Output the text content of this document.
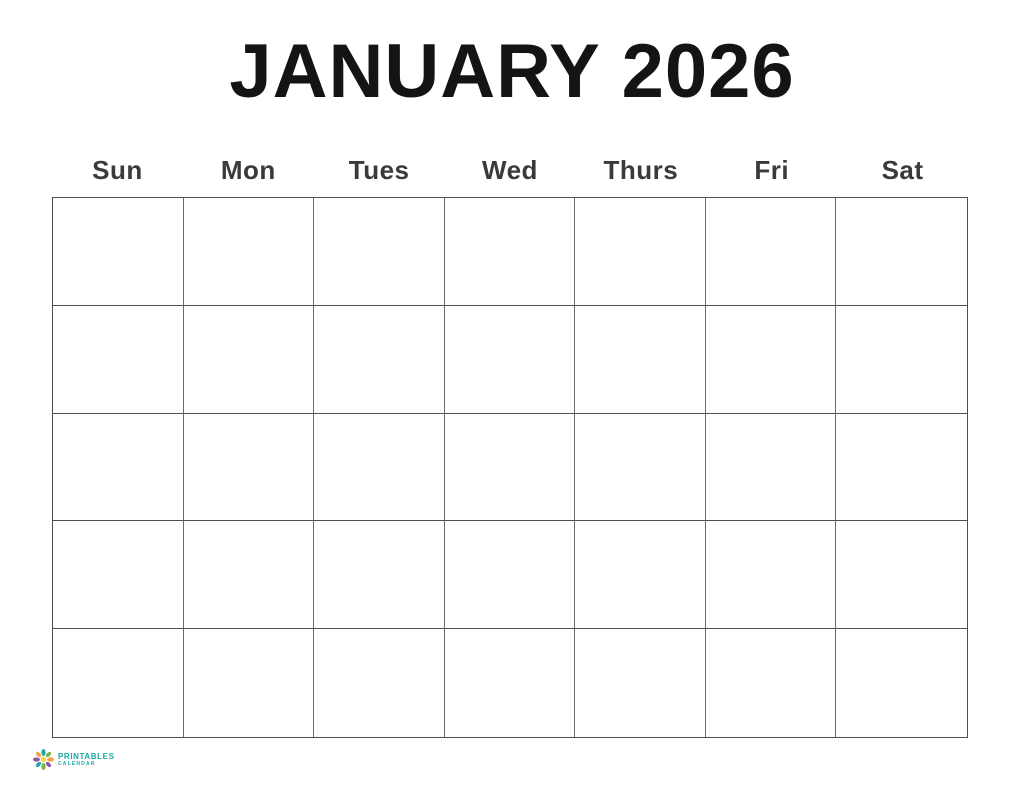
JANUARY 2026
Sun	Mon	Tues	Wed	Thurs	Fri	Sat
PRINTABLES
CALENDAR
